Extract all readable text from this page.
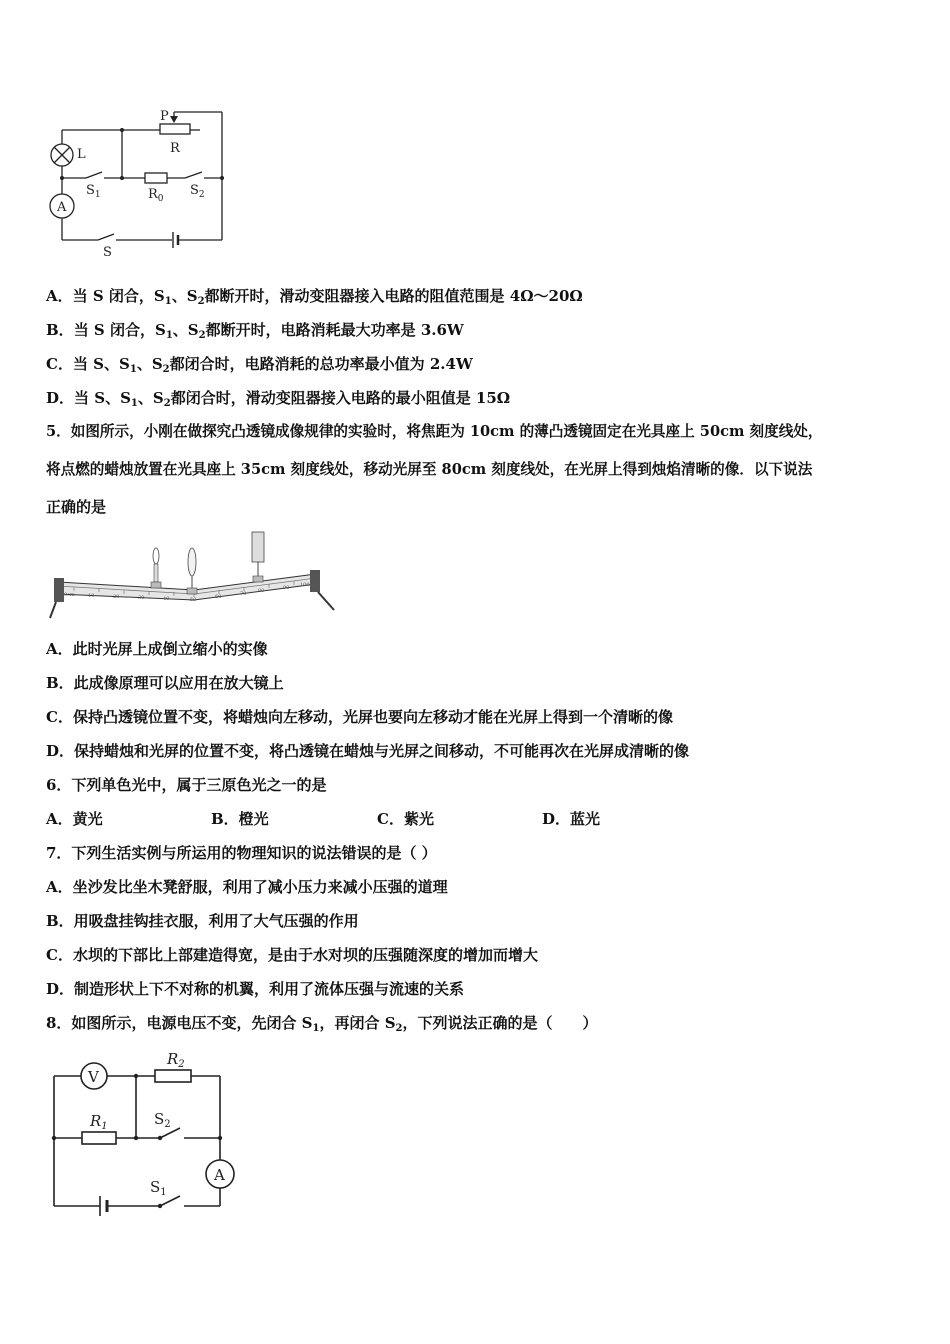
P
R
L
$S_1$	$R_0$
$S_2$
A
S
A．当 S 闭合，$S_1$、$S_2$都断开时，滑动变阻器接入电路的阻值范围是 4Ω～20Ω
B．当 S 闭合，$S_1$、$S_2$都断开时，电路消耗最大功率是 3.6W
C．当 S、$S_1$、$S_2$都闭合时，电路消耗的总功率最小值为 2.4W
D．当 S、$S_1$、$S_2$都闭合时，滑动变阻器接入电路的最小阻值是 15Ω
5．如图所示，小刚在做探究凸透镜成像规律的实验时，将焦距为 10cm 的薄凸透镜固定在光具座上 50cm 刻度线处，
将点燃的蜡烛放置在光具座上 35cm 刻度线处，移动光屏至 80cm 刻度线处，在光屏上得到烛焰清晰的像．以下说法
正确的是
0cm	10	20	30	40	50	60	70 80	90 100
A．此时光屏上成倒立缩小的实像
B．此成像原理可以应用在放大镜上
C．保持凸透镜位置不变，将蜡烛向左移动，光屏也要向左移动才能在光屏上得到一个清晰的像
D．保持蜡烛和光屏的位置不变，将凸透镜在蜡烛与光屏之间移动，不可能再次在光屏成清晰的像
6．下列单色光中，属于三原色光之一的是
A．黄光	B．橙光	C．紫光	D．蓝光
7．下列生活实例与所运用的物理知识的说法错误的是（ ）
A．坐沙发比坐木凳舒服，利用了减小压力来减小压强的道理
B．用吸盘挂钩挂衣服，利用了大气压强的作用
C．水坝的下部比上部建造得宽，是由于水对坝的压强随深度的增加而增大
D．制造形状上下不对称的机翼，利用了流体压强与流速的关系
8．如图所示，电源电压不变，先闭合 $S_1$，再闭合 $S_2$，下列说法正确的是（　　）
V
$R_2$
$R_1$	$S_2$
A
$S_1$
